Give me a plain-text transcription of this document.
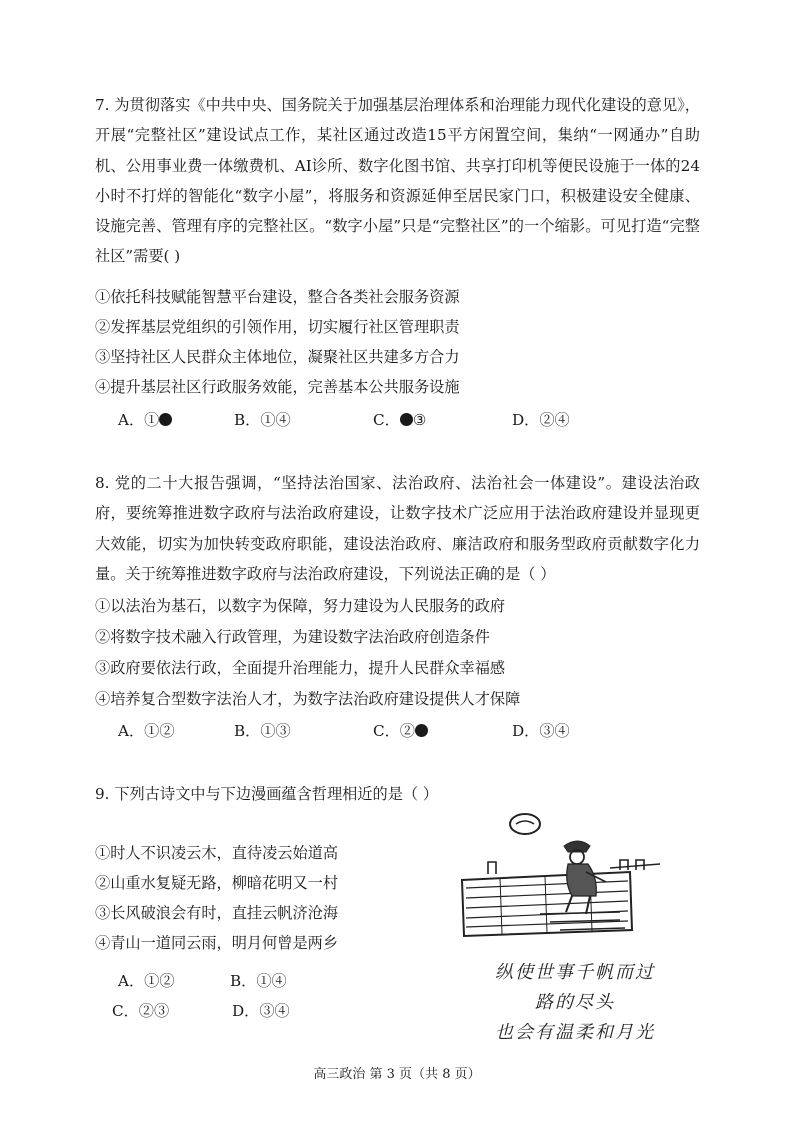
7. 为贯彻落实《中共中央、国务院关于加强基层治理体系和治理能力现代化建设的意见》，开展“完整社区”建设试点工作，某社区通过改造15平方闲置空间，集纳“一网通办”自助机、公用事业费一体缴费机、AI诊所、数字化图书馆、共享打印机等便民设施于一体的24小时不打烊的智能化“数字小屋”，将服务和资源延伸至居民家门口，积极建设安全健康、设施完善、管理有序的完整社区。“数字小屋”只是“完整社区”的一个缩影。可见打造“完整社区”需要( )
①依托科技赋能智慧平台建设，整合各类社会服务资源
②发挥基层党组织的引领作用，切实履行社区管理职责
③坚持社区人民群众主体地位，凝聚社区共建多方合力
④提升基层社区行政服务效能，完善基本公共服务设施
A．①	B．①④	C． ③	D．②④
8. 党的二十大报告强调，“坚持法治国家、法治政府、法治社会一体建设”。建设法治政府，要统筹推进数字政府与法治政府建设，让数字技术广泛应用于法治政府建设并显现更大效能，切实为加快转变政府职能，建设法治政府、廉洁政府和服务型政府贡献数字化力量。关于统筹推进数字政府与法治政府建设，下列说法正确的是（ ）
①以法治为基石，以数字为保障，努力建设为人民服务的政府
②将数字技术融入行政管理，为建设数字法治政府创造条件
③政府要依法行政，全面提升治理能力，提升人民群众幸福感
④培养复合型数字法治人才，为数字法治政府建设提供人才保障
A．①②	B．①③	C．②	D．③④
9. 下列古诗文中与下边漫画蕴含哲理相近的是（ ）
①时人不识凌云木，直待凌云始道高
②山重水复疑无路，柳暗花明又一村
③长风破浪会有时，直挂云帆济沧海
④青山一道同云雨，明月何曾是两乡
A．①②	B．①④
C．②③	D．③④
纵使世事千帆而过
路的尽头
也会有温柔和月光
高三政治 第 3 页（共 8 页）
